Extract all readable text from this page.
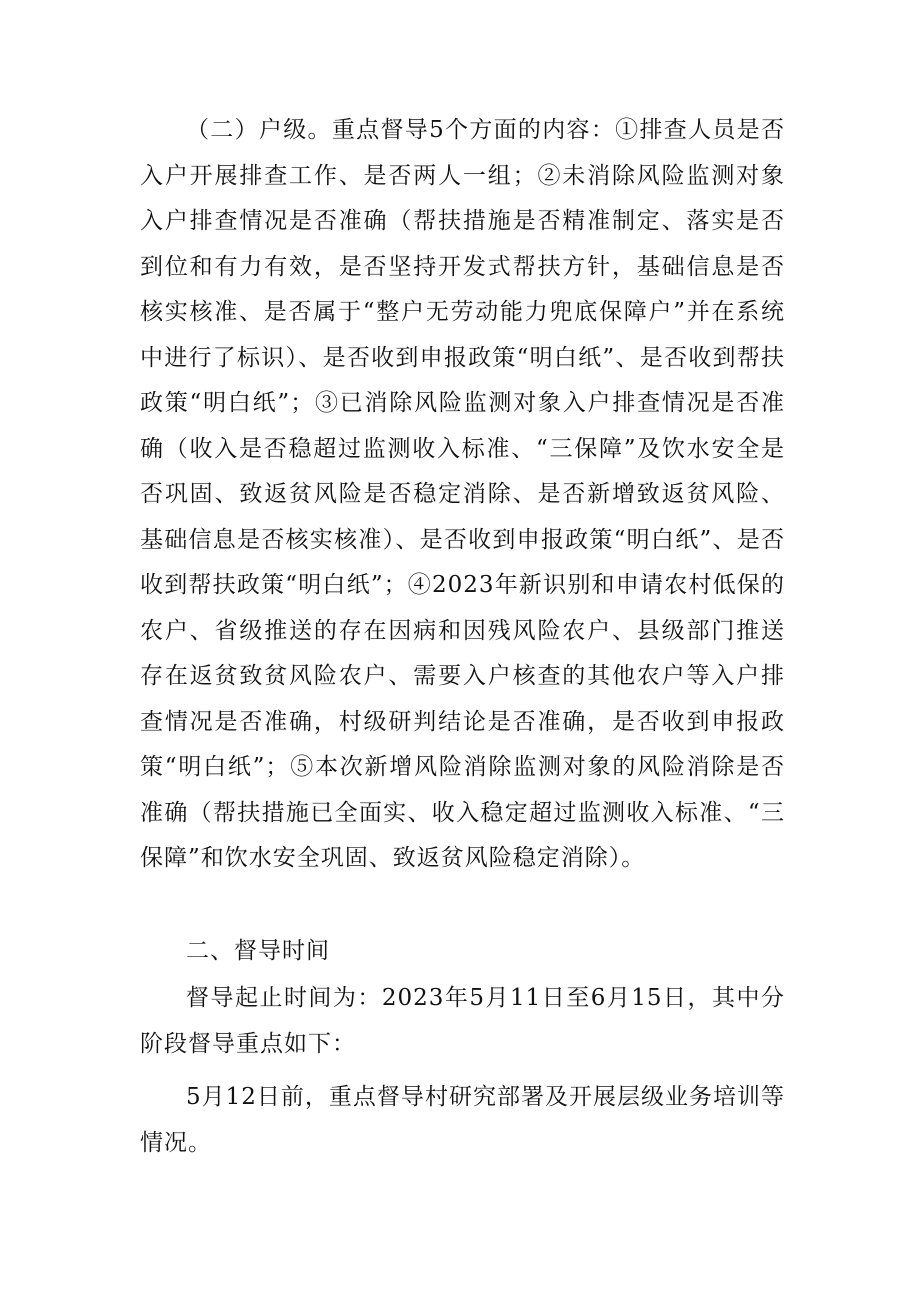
（二）户级。重点督导5个方面的内容：①排查人员是否入户开展排查工作、是否两人一组；②未消除风险监测对象入户排查情况是否准确（帮扶措施是否精准制定、落实是否到位和有力有效，是否坚持开发式帮扶方针，基础信息是否核实核准、是否属于“整户无劳动能力兜底保障户”并在系统中进行了标识）、是否收到申报政策“明白纸”、是否收到帮扶政策“明白纸”；③已消除风险监测对象入户排查情况是否准确（收入是否稳超过监测收入标准、“三保障”及饮水安全是否巩固、致返贫风险是否稳定消除、是否新增致返贫风险、基础信息是否核实核准）、是否收到申报政策“明白纸”、是否收到帮扶政策“明白纸”；④2023年新识别和申请农村低保的农户、省级推送的存在因病和因残风险农户、县级部门推送存在返贫致贫风险农户、需要入户核查的其他农户等入户排查情况是否准确，村级研判结论是否准确，是否收到申报政策“明白纸”；⑤本次新增风险消除监测对象的风险消除是否准确（帮扶措施已全面实、收入稳定超过监测收入标准、“三保障”和饮水安全巩固、致返贫风险稳定消除）。

二、督导时间

督导起止时间为：2023年5月11日至6月15日，其中分阶段督导重点如下：

5月12日前，重点督导村研究部署及开展层级业务培训等情况。
